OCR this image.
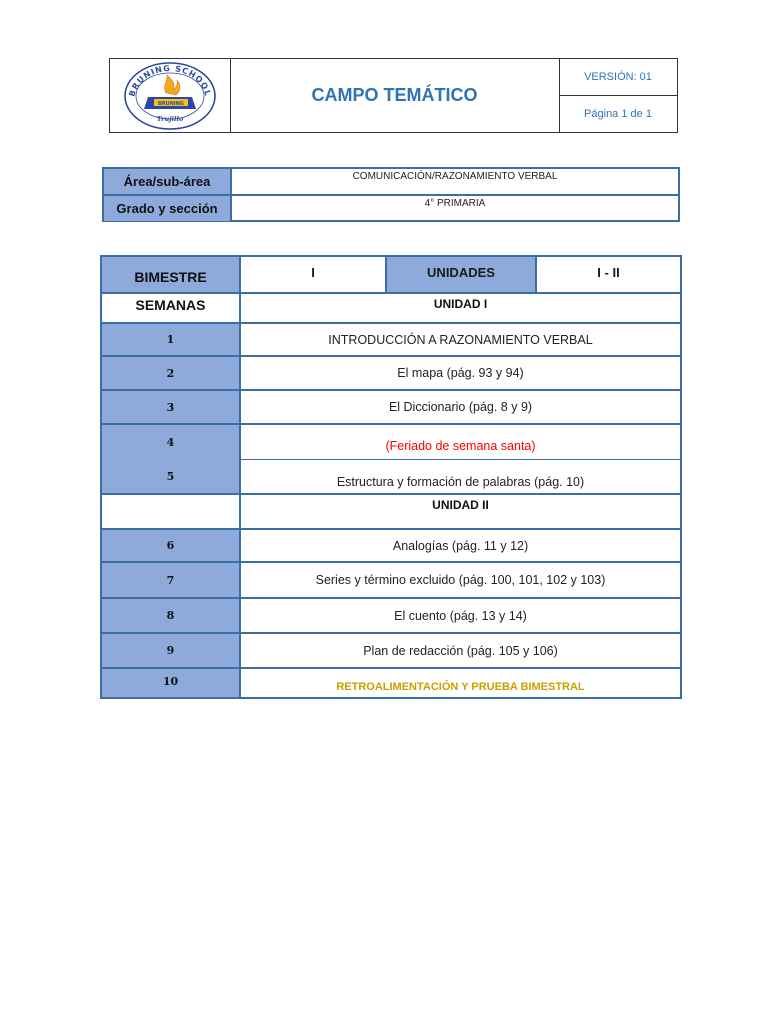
BRUNING SCHOOL
BRUNING
Trujillo
CAMPO TEMÁTICO
VERSIÓN: 01
Página 1 de 1
Área/sub-área	COMUNICACIÓN/RAZONAMIENTO VERBAL
Grado y sección	4° PRIMARIA
BIMESTRE	I	UNIDADES	I - II
SEMANAS	UNIDAD I
1	INTRODUCCIÓN A RAZONAMIENTO VERBAL
2	El mapa (pág. 93 y 94)
3	El Diccionario (pág. 8 y 9)
4	(Feriado de semana santa)
5	Estructura y formación de palabras (pág. 10)
UNIDAD II
6	Analogías (pág. 11 y 12)
7	Series y término excluido (pág. 100, 101, 102 y 103)
8	El cuento (pág. 13 y 14)
9	Plan de redacción (pág. 105 y 106)
10	RETROALIMENTACIÓN Y PRUEBA BIMESTRAL
